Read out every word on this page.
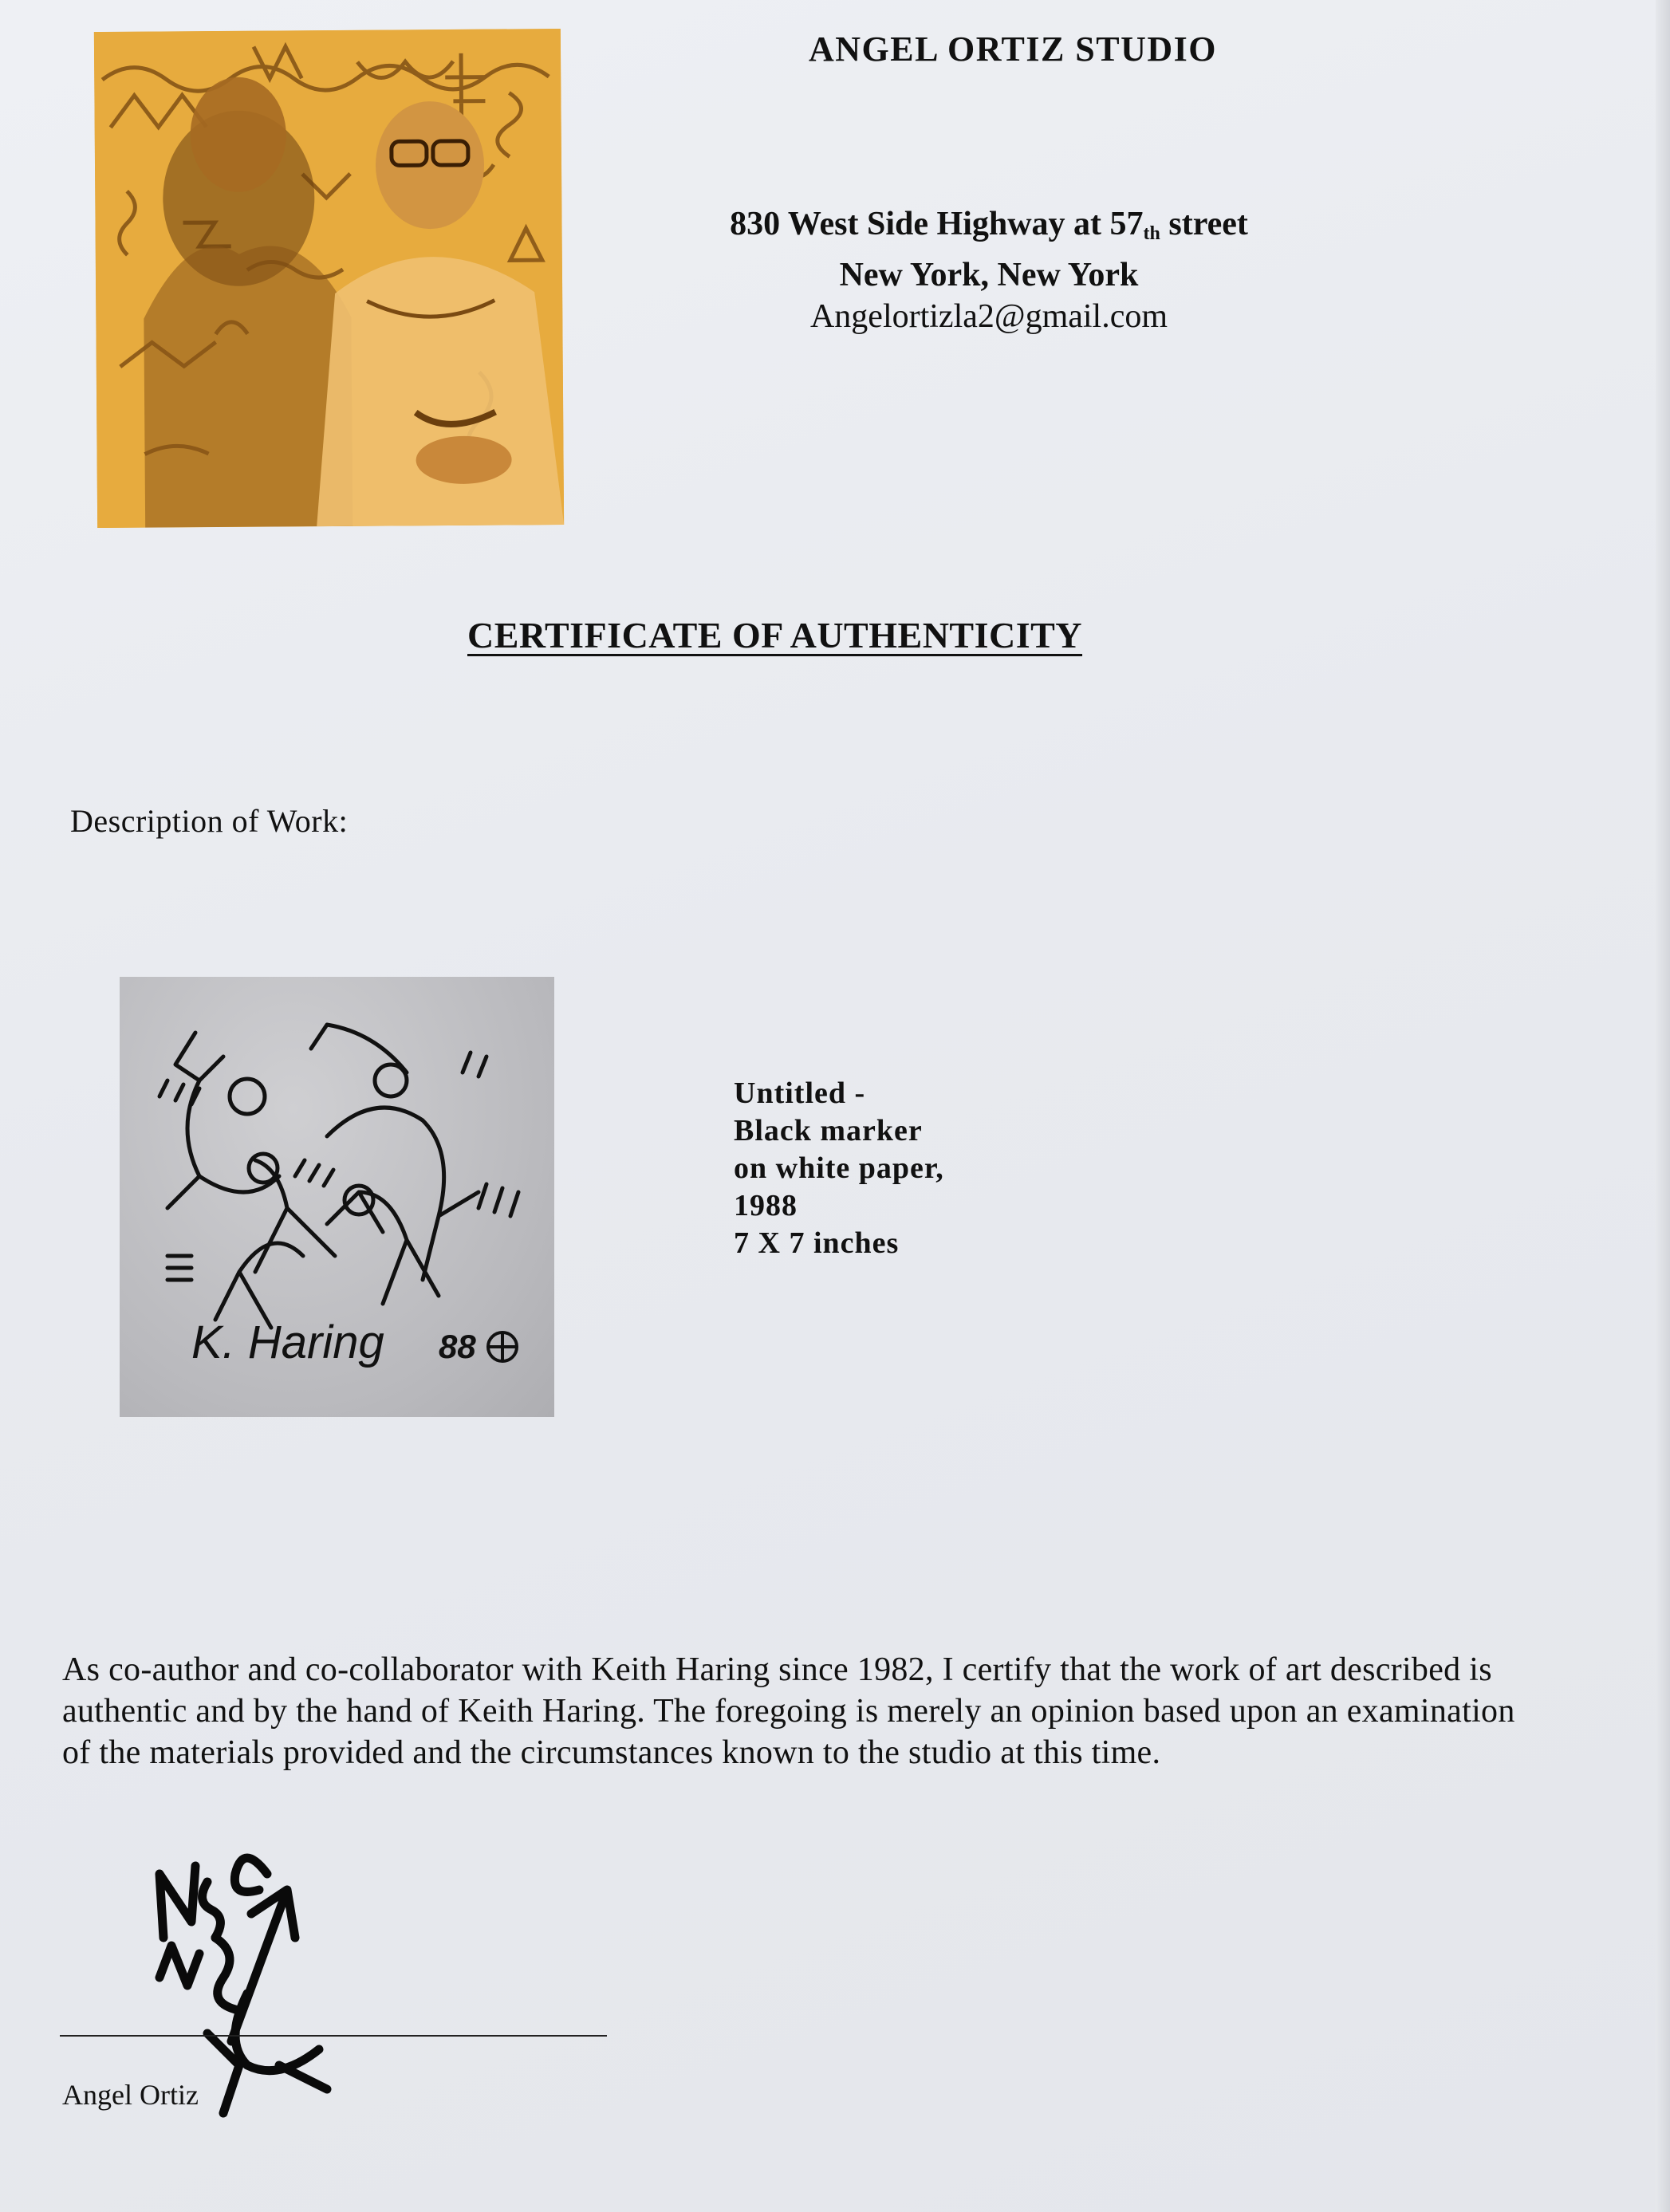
ANGEL ORTIZ STUDIO
830 West Side Highway at $57_{th}$ street
New York, New York
Angelortizla2@gmail.com
CERTIFICATE OF AUTHENTICITY
Description of Work:
K. Haring 88
Untitled -
Black marker
on white paper,
1988
7 X 7 inches
As co-author and co-collaborator with Keith Haring since 1982, I certify that the work of art described is authentic and by the hand of Keith Haring. The foregoing is merely an opinion based upon an examination of the materials provided and the circumstances known to the studio at this time.
Angel Ortiz
